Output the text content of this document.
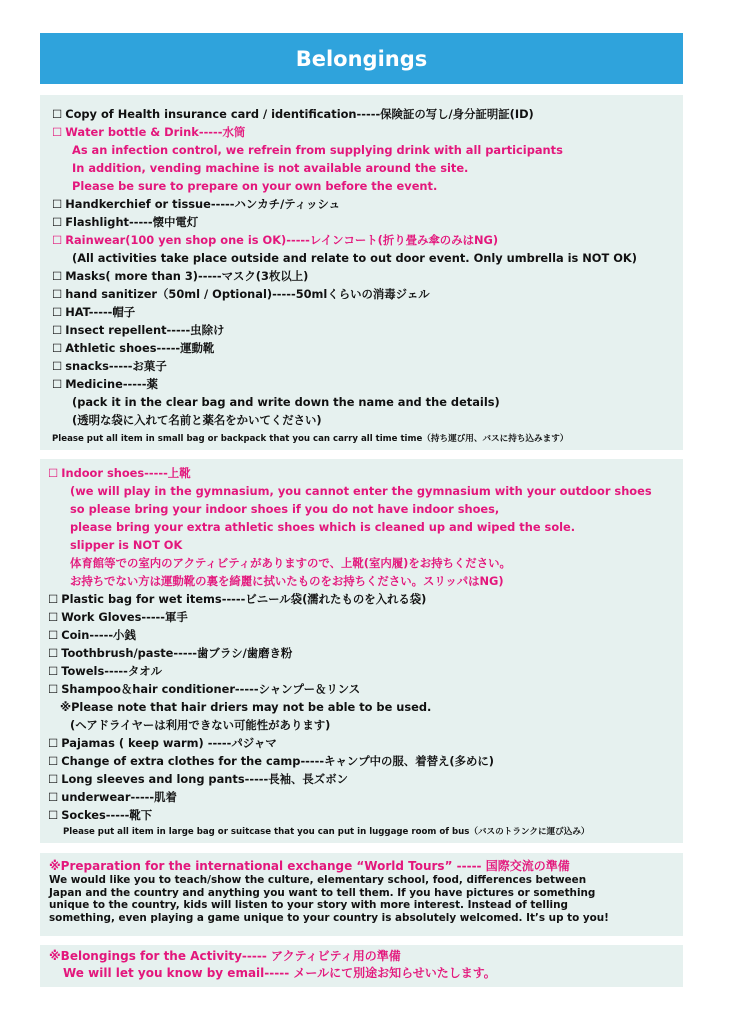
Belongings
☐ Copy of Health insurance card / identification-----保険証の写し/身分証明証(ID)
☐ Water bottle & Drink-----水筒
As an infection control, we refrein from supplying drink with all participants
In addition, vending machine is not available around the site.
Please be sure to prepare on your own before the event.
☐ Handkerchief or tissue-----ハンカチ/ティッシュ
☐ Flashlight-----懐中電灯
☐ Rainwear(100 yen shop one is OK)-----レインコート(折り畳み傘のみはNG)
(All activities take place outside and relate to out door event. Only umbrella is NOT OK)
☐ Masks( more than 3)-----マスク(3枚以上)
☐ hand sanitizer（50ml / Optional)-----50mlくらいの消毒ジェル
☐ HAT-----帽子
☐ Insect repellent-----虫除け
☐ Athletic shoes-----運動靴
☐ snacks-----お菓子
☐ Medicine-----薬
(pack it in the clear bag and write down the name and the details)
(透明な袋に入れて名前と薬名をかいてください)
Please put all item in small bag or backpack that you can carry all time time（持ち運び用、バスに持ち込みます）
☐ Indoor shoes-----上靴
(we will play in the gymnasium, you cannot enter the gymnasium with your outdoor shoes
so please bring your indoor shoes if you do not have indoor shoes,
please bring your extra athletic shoes which is cleaned up and wiped the sole.
slipper is NOT OK
体育館等での室内のアクティビティがありますので、上靴(室内履)をお持ちください。
お持ちでない方は運動靴の裏を綺麗に拭いたものをお持ちください。スリッパはNG)
☐ Plastic bag for wet items-----ビニール袋(濡れたものを入れる袋)
☐ Work Gloves-----軍手
☐ Coin-----小銭
☐ Toothbrush/paste-----歯ブラシ/歯磨き粉
☐ Towels-----タオル
☐ Shampoo＆hair conditioner-----シャンプー＆リンス
※Please note that hair driers may not be able to be used.
(ヘアドライヤーは利用できない可能性があります)
☐ Pajamas ( keep warm) -----パジャマ
☐ Change of extra clothes for the camp-----キャンプ中の服、着替え(多めに)
☐ Long sleeves and long pants-----長袖、長ズボン
☐ underwear-----肌着
☐ Sockes-----靴下
Please put all item in large bag or suitcase that you can put in luggage room of bus（バスのトランクに運び込み）
※Preparation for the international exchange “World Tours” ----- 国際交流の準備
We would like you to teach/show the culture, elementary school, food, differences between
Japan and the country and anything you want to tell them. If you have pictures or something
unique to the country, kids will listen to your story with more interest. Instead of telling
something, even playing a game unique to your country is absolutely welcomed. It’s up to you!
※Belongings for the Activity----- アクティビティ用の準備
We will let you know by email----- メールにて別途お知らせいたします。
